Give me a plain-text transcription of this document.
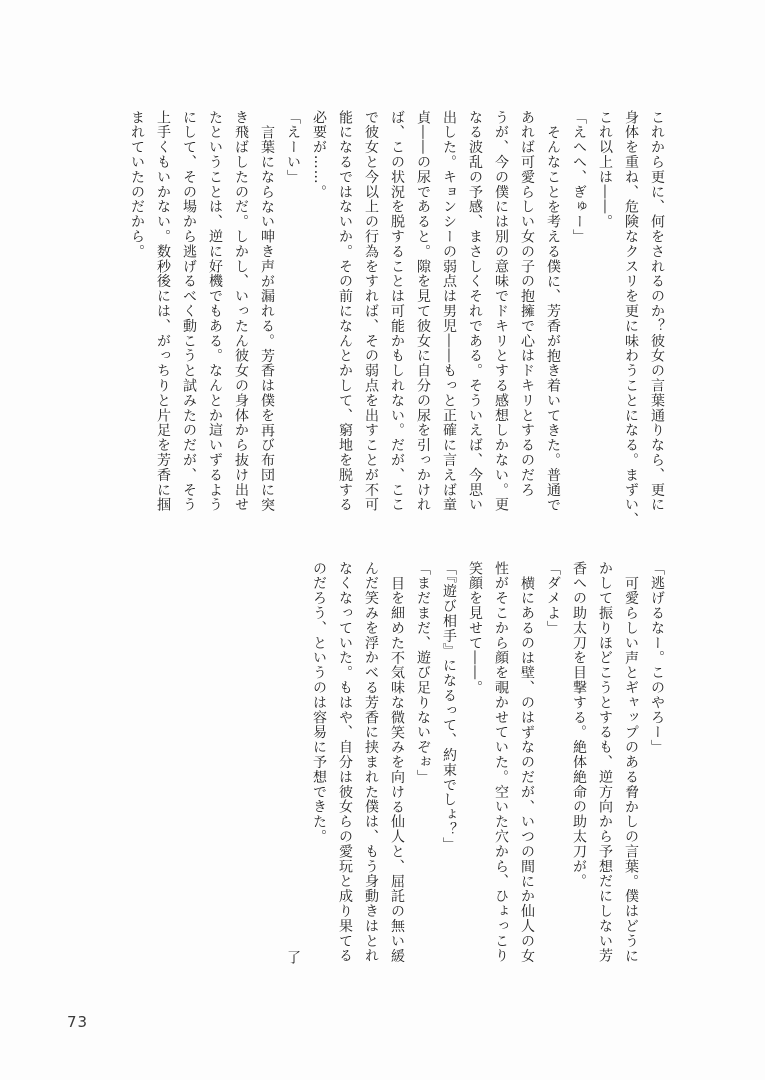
これから更に、何をされるのか？彼女の言葉通りなら、更に
身体を重ね、危険なクスリを更に味わうことになる。まずい、
これ以上は――。
「えへへ、ぎゅー」
そんなことを考える僕に、芳香が抱き着いてきた。普通で
あれば可愛らしい女の子の抱擁で心はドキリとするのだろ
うが、今の僕には別の意味でドキリとする感想しかない。更
なる波乱の予感、まさしくそれである。そういえば、今思い
出した。キョンシーの弱点は男児――もっと正確に言えば童
貞――の尿であると。隙を見て彼女に自分の尿を引っかけれ
ば、この状況を脱することは可能かもしれない。だが、ここ
で彼女と今以上の行為をすれば、その弱点を出すことが不可
能になるではないか。その前になんとかして、窮地を脱する
必要が……。
「えーい」
言葉にならない呻き声が漏れる。芳香は僕を再び布団に突
き飛ばしたのだ。しかし、いったん彼女の身体から抜け出せ
たということは、逆に好機でもある。なんとか這いずるよう
にして、その場から逃げるべく動こうと試みたのだが、そう
上手くもいかない。数秒後には、がっちりと片足を芳香に掴
まれていたのだから。
「逃げるなー。このやろー」
可愛らしい声とギャップのある脅かしの言葉。僕はどうに
かして振りほどこうとするも、逆方向から予想だにしない芳
香への助太刀を目撃する。絶体絶命の助太刀が。
「ダメよ」
横にあるのは壁、のはずなのだが、いつの間にか仙人の女
性がそこから顔を覗かせていた。空いた穴から、ひょっこり
笑顔を見せて――。
「『遊び相手』になるって、約束でしょ？」
「まだまだ、遊び足りないぞぉ」
目を細めた不気味な微笑みを向ける仙人と、屈託の無い緩
んだ笑みを浮かべる芳香に挟まれた僕は、もう身動きはとれ
なくなっていた。もはや、自分は彼女らの愛玩と成り果てる
のだろう、というのは容易に予想できた。
了
73
